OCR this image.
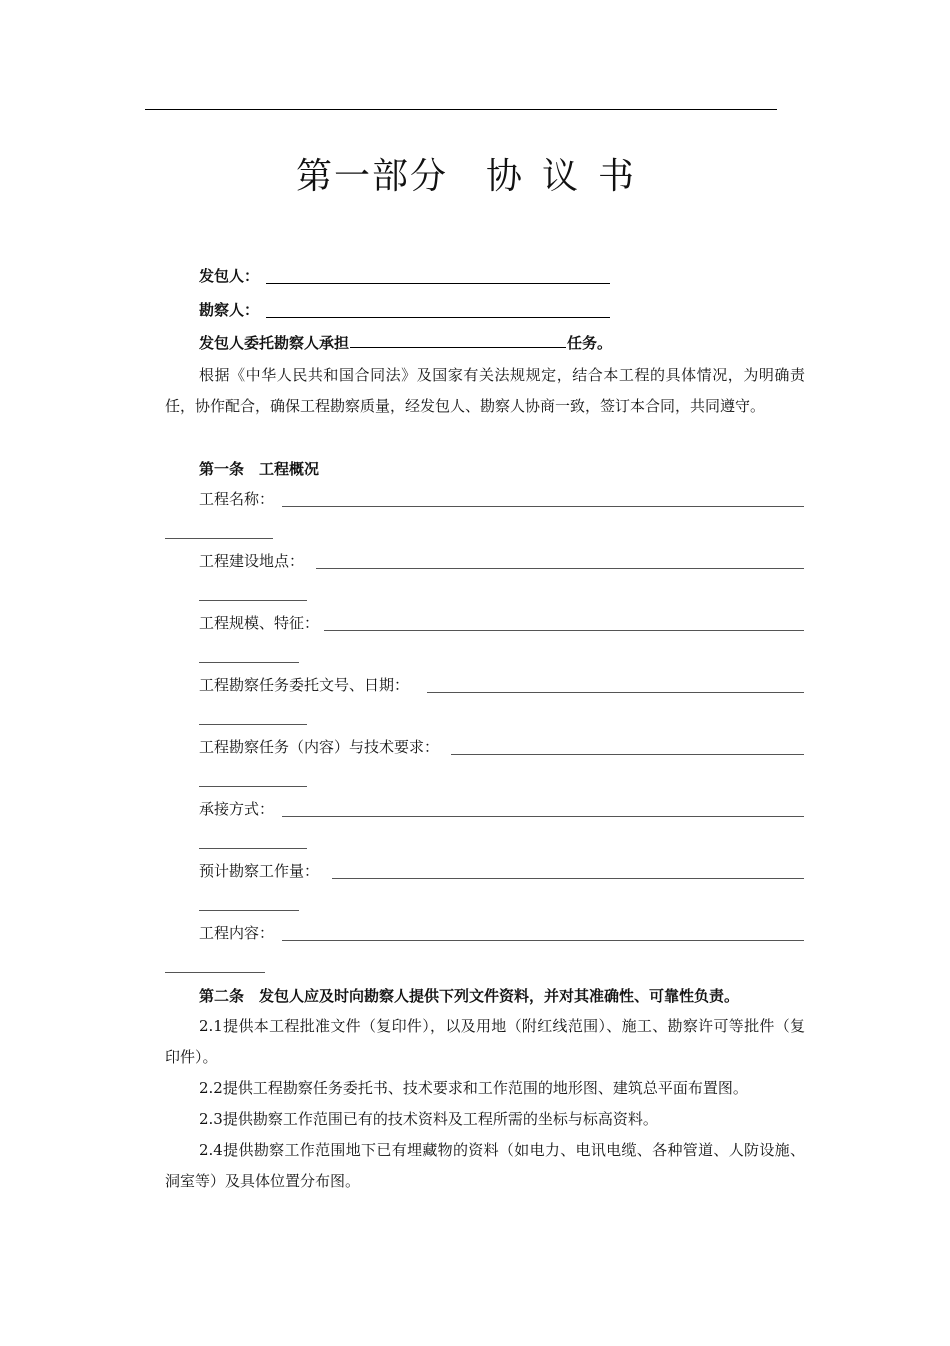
第一部分 协议书
发包人：
勘察人：
发包人委托勘察人承担	任务。
根据《中华人民共和国合同法》及国家有关法规规定，结合本工程的具体情况，为明确责任，协作配合，确保工程勘察质量，经发包人、勘察人协商一致，签订本合同，共同遵守。
第一条　工程概况
工程名称：
工程建设地点：
工程规模、特征：
工程勘察任务委托文号、日期：
工程勘察任务（内容）与技术要求：
承接方式：
预计勘察工作量：
工程内容：
第二条　发包人应及时向勘察人提供下列文件资料，并对其准确性、可靠性负责。
2.1提供本工程批准文件（复印件），以及用地（附红线范围）、施工、勘察许可等批件（复印件）。
2.2提供工程勘察任务委托书、技术要求和工作范围的地形图、建筑总平面布置图。
2.3提供勘察工作范围已有的技术资料及工程所需的坐标与标高资料。
2.4提供勘察工作范围地下已有埋藏物的资料（如电力、电讯电缆、各种管道、人防设施、洞室等）及具体位置分布图。
